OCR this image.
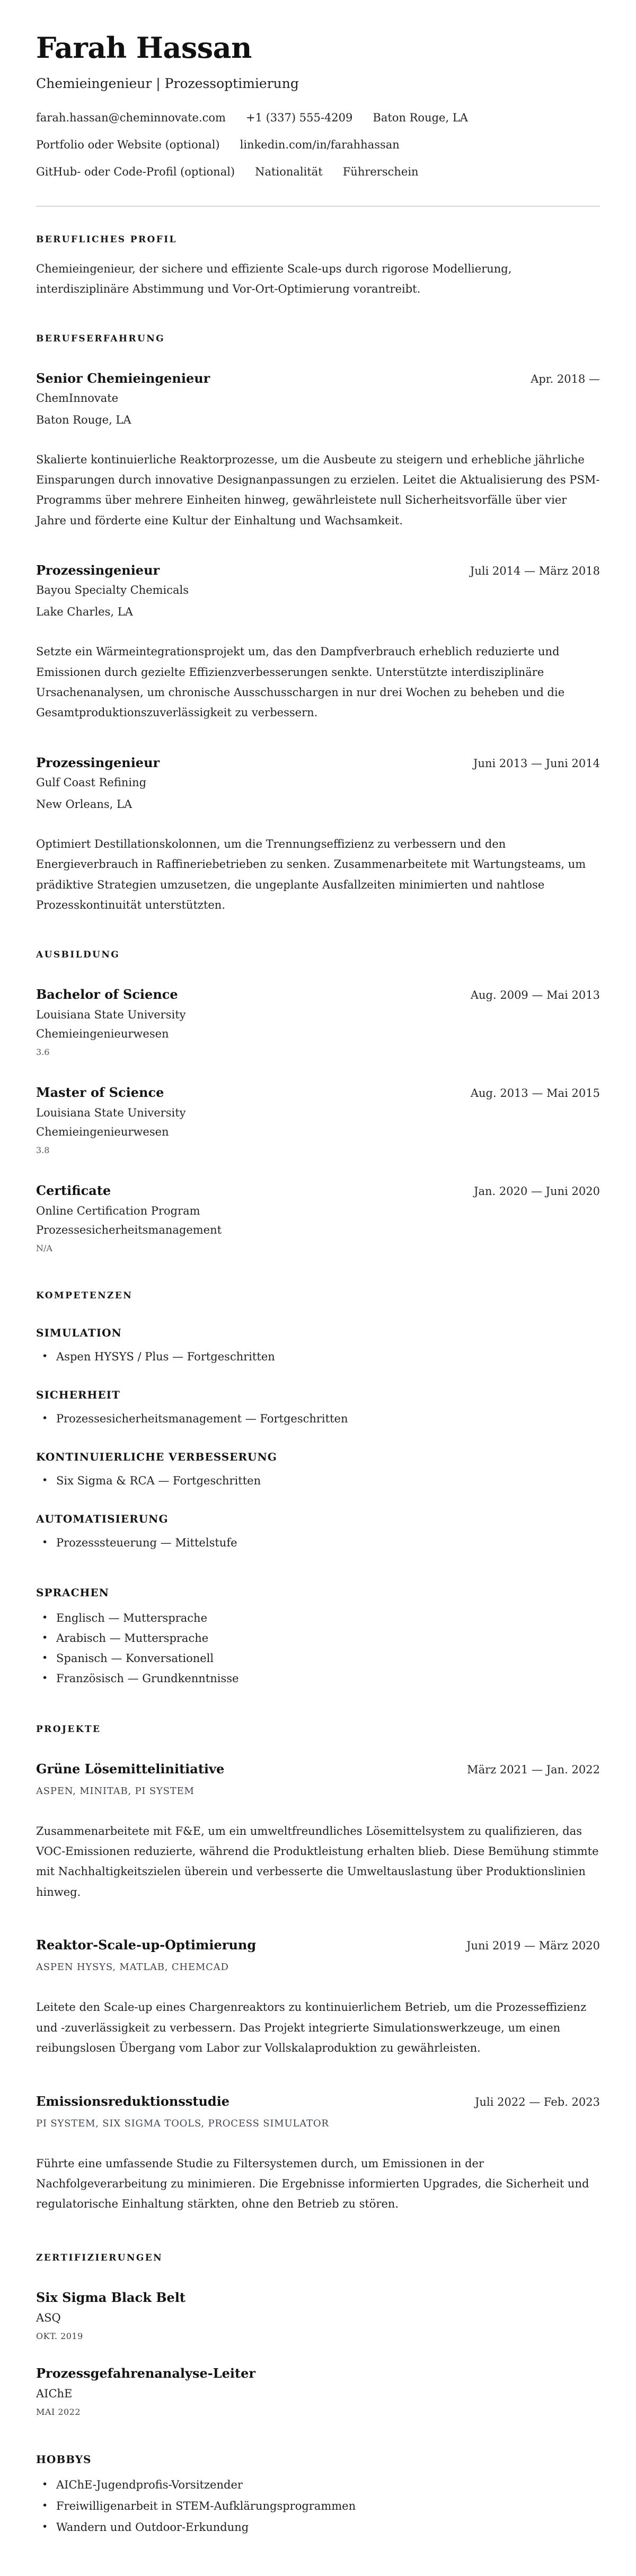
Farah Hassan
Chemieingenieur | Prozessoptimierung
farah.hassan@cheminnovate.com +1 (337) 555-4209 Baton Rouge, LA
Portfolio oder Website (optional) linkedin.com/in/farahhassan
GitHub- oder Code-Profil (optional) Nationalität Führerschein
BERUFLICHES PROFIL

Chemieingenieur, der sichere und effiziente Scale-ups durch rigorose Modellierung, interdisziplinäre Abstimmung und Vor-Ort-Optimierung vorantreibt.

BERUFSERFAHRUNG
Senior Chemieingenieur	Apr. 2018 —
ChemInnovate
Baton Rouge, LA

Skalierte kontinuierliche Reaktorprozesse, um die Ausbeute zu steigern und erhebliche jährliche Einsparungen durch innovative Designanpassungen zu erzielen. Leitet die Aktualisierung des PSM-Programms über mehrere Einheiten hinweg, gewährleistete null Sicherheitsvorfälle über vier Jahre und förderte eine Kultur der Einhaltung und Wachsamkeit.

Prozessingenieur	Juli 2014 — März 2018
Bayou Specialty Chemicals
Lake Charles, LA

Setzte ein Wärmeintegrationsprojekt um, das den Dampfverbrauch erheblich reduzierte und Emissionen durch gezielte Effizienzverbesserungen senkte. Unterstützte interdisziplinäre Ursachenanalysen, um chronische Ausschusschargen in nur drei Wochen zu beheben und die Gesamtproduktionszuverlässigkeit zu verbessern.

Prozessingenieur	Juni 2013 — Juni 2014
Gulf Coast Refining
New Orleans, LA

Optimiert Destillationskolonnen, um die Trennungseffizienz zu verbessern und den Energieverbrauch in Raffineriebetrieben zu senken. Zusammenarbeitete mit Wartungsteams, um prädiktive Strategien umzusetzen, die ungeplante Ausfallzeiten minimierten und nahtlose Prozesskontinuität unterstützten.

AUSBILDUNG
Bachelor of Science	Aug. 2009 — Mai 2013
Louisiana State University
Chemieingenieurwesen
3.6
Master of Science	Aug. 2013 — Mai 2015
Louisiana State University
Chemieingenieurwesen
3.8
Certificate	Jan. 2020 — Juni 2020
Online Certification Program
Prozessesicherheitsmanagement
N/A
KOMPETENZEN
SIMULATION
• Aspen HYSYS / Plus — Fortgeschritten
SICHERHEIT
• Prozessesicherheitsmanagement — Fortgeschritten
KONTINUIERLICHE VERBESSERUNG
• Six Sigma & RCA — Fortgeschritten
AUTOMATISIERUNG
• Prozesssteuerung — Mittelstufe
SPRACHEN
• Englisch — Muttersprache
• Arabisch — Muttersprache
• Spanisch — Konversationell
• Französisch — Grundkenntnisse
PROJEKTE
Grüne Lösemittelinitiative	März 2021 — Jan. 2022
ASPEN, MINITAB, PI SYSTEM

Zusammenarbeitete mit F&E, um ein umweltfreundliches Lösemittelsystem zu qualifizieren, das VOC-Emissionen reduzierte, während die Produktleistung erhalten blieb. Diese Bemühung stimmte mit Nachhaltigkeitszielen überein und verbesserte die Umweltauslastung über Produktionslinien hinweg.

Reaktor-Scale-up-Optimierung	Juni 2019 — März 2020
ASPEN HYSYS, MATLAB, CHEMCAD

Leitete den Scale-up eines Chargenreaktors zu kontinuierlichem Betrieb, um die Prozesseffizienz und -zuverlässigkeit zu verbessern. Das Projekt integrierte Simulationswerkzeuge, um einen reibungslosen Übergang vom Labor zur Vollskalaproduktion zu gewährleisten.

Emissionsreduktionsstudie	Juli 2022 — Feb. 2023
PI SYSTEM, SIX SIGMA TOOLS, PROCESS SIMULATOR

Führte eine umfassende Studie zu Filtersystemen durch, um Emissionen in der Nachfolgeverarbeitung zu minimieren. Die Ergebnisse informierten Upgrades, die Sicherheit und regulatorische Einhaltung stärkten, ohne den Betrieb zu stören.

ZERTIFIZIERUNGEN
Six Sigma Black Belt
ASQ
OKT. 2019
Prozessgefahrenanalyse-Leiter
AIChE
MAI 2022
HOBBYS
• AIChE-Jugendprofis-Vorsitzender
• Freiwilligenarbeit in STEM-Aufklärungsprogrammen
• Wandern und Outdoor-Erkundung
